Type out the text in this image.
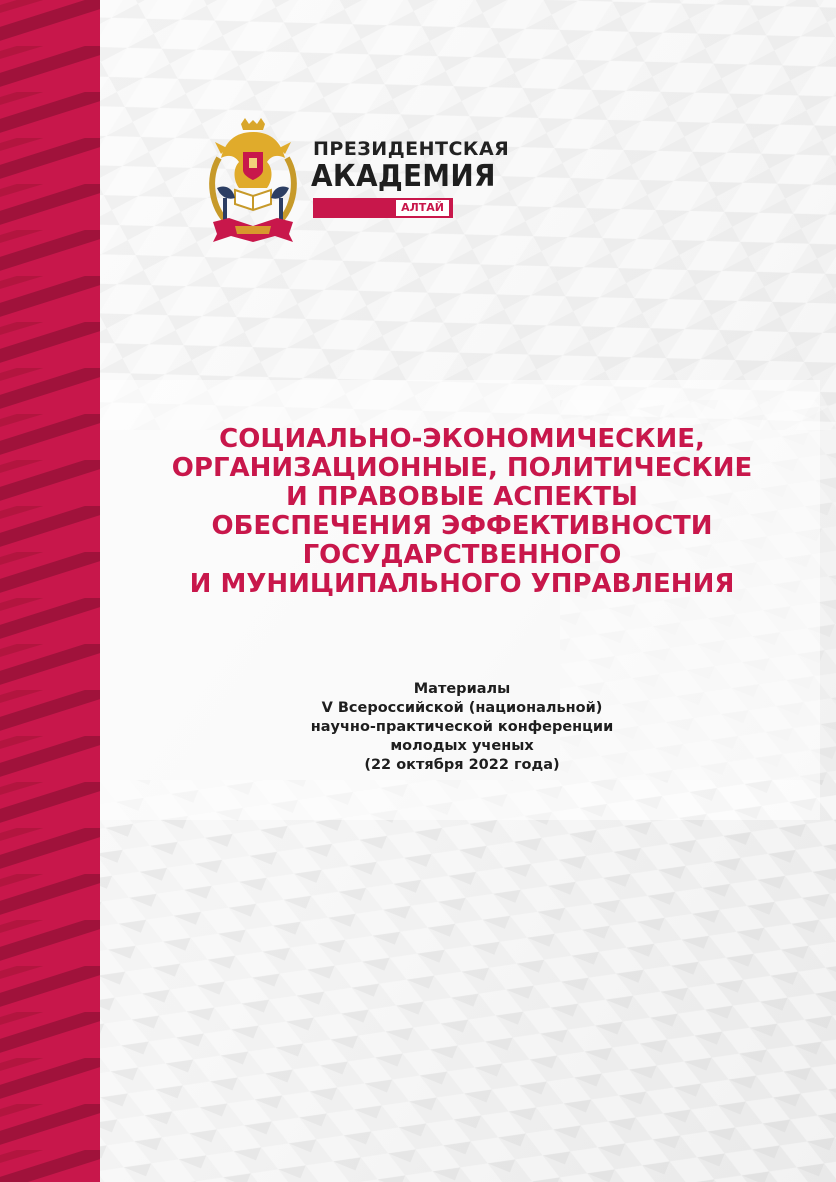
ПРЕЗИДЕНТСКАЯ
АКАДЕМИЯ
АЛТАЙ
СОЦИАЛЬНО-ЭКОНОМИЧЕСКИЕ,
ОРГАНИЗАЦИОННЫЕ, ПОЛИТИЧЕСКИЕ
И ПРАВОВЫЕ АСПЕКТЫ
ОБЕСПЕЧЕНИЯ ЭФФЕКТИВНОСТИ
ГОСУДАРСТВЕННОГО
И МУНИЦИПАЛЬНОГО УПРАВЛЕНИЯ
Материалы
V Всероссийской (национальной)
научно-практической конференции
молодых ученых
(22 октября 2022 года)
